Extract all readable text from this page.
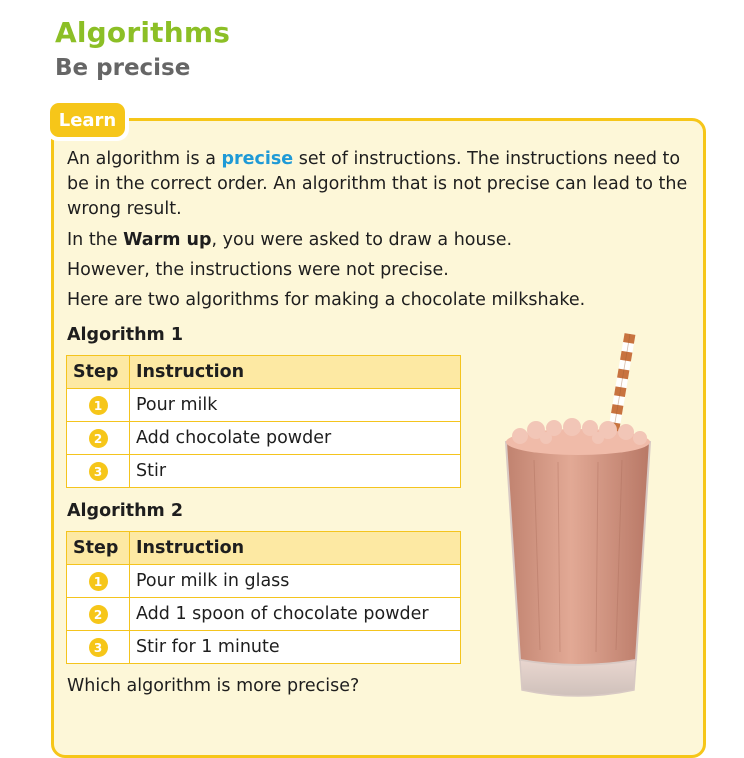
Algorithms
Be precise
Learn

An algorithm is a precise set of instructions. The instructions need to be in the correct order. An algorithm that is not precise can lead to the wrong result.

In the Warm up, you were asked to draw a house.

However, the instructions were not precise.

Here are two algorithms for making a chocolate milkshake.

Algorithm 1
Step	Instruction
1	Pour milk
2	Add chocolate powder
3	Stir
Algorithm 2
Step	Instruction
1	Pour milk in glass
2	Add 1 spoon of chocolate powder
3	Stir for 1 minute
Which algorithm is more precise?
